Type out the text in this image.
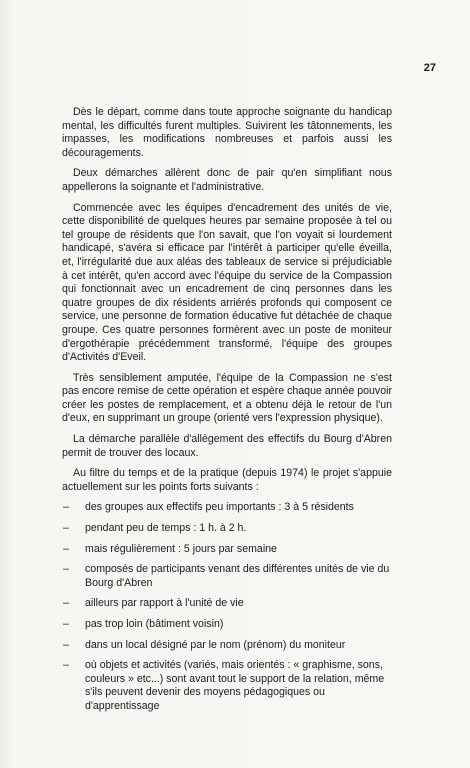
27

Dès le départ, comme dans toute approche soignante du handicap mental, les difficultés furent multiples. Suivirent les tâtonnements, les impasses, les modifications nombreuses et parfois aussi les découragements.

Deux démarches allèrent donc de pair qu'en simplifiant nous appellerons la soignante et l'administrative.

Commencée avec les équipes d'encadrement des unités de vie, cette disponibilité de quelques heures par semaine proposée à tel ou tel groupe de résidents que l'on savait, que l'on voyait si lourdement handicapé, s'avéra si efficace par l'intérêt à participer qu'elle éveilla, et, l'irrégularité due aux aléas des tableaux de service si préjudiciable à cet intérêt, qu'en accord avec l'équipe du service de la Compassion qui fonctionnait avec un encadrement de cinq personnes dans les quatre groupes de dix résidents arriérés profonds qui composent ce service, une personne de formation éducative fut détachée de chaque groupe. Ces quatre personnes formèrent avec un poste de moniteur d'ergothérapie précédemment transformé, l'équipe des groupes d'Activités d'Eveil.

Très sensiblement amputée, l'équipe de la Compassion ne s'est pas encore remise de cette opération et espère chaque année pouvoir créer les postes de remplacement, et a obtenu déjà le retour de l'un d'eux, en supprimant un groupe (orienté vers l'expression physique).

La démarche parallèle d'allègement des effectifs du Bourg d'Abren permit de trouver des locaux.

Au filtre du temps et de la pratique (depuis 1974) le projet s'appuie actuellement sur les points forts suivants :

–	des groupes aux effectifs peu importants : 3 à 5 résidents
–	pendant peu de temps : 1 h. à 2 h.
–	mais régulièrement : 5 jours par semaine
–	composés de participants venant des différentes unités de vie du Bourg d'Abren
–	ailleurs par rapport à l'unité de vie
–	pas trop loin (bâtiment voisin)
–	dans un local désigné par le nom (prénom) du moniteur
–	où objets et activités (variés, mais orientés : « graphisme, sons, couleurs » etc...) sont avant tout le support de la relation, même s'ils peuvent devenir des moyens pédagogiques ou d'apprentissage
